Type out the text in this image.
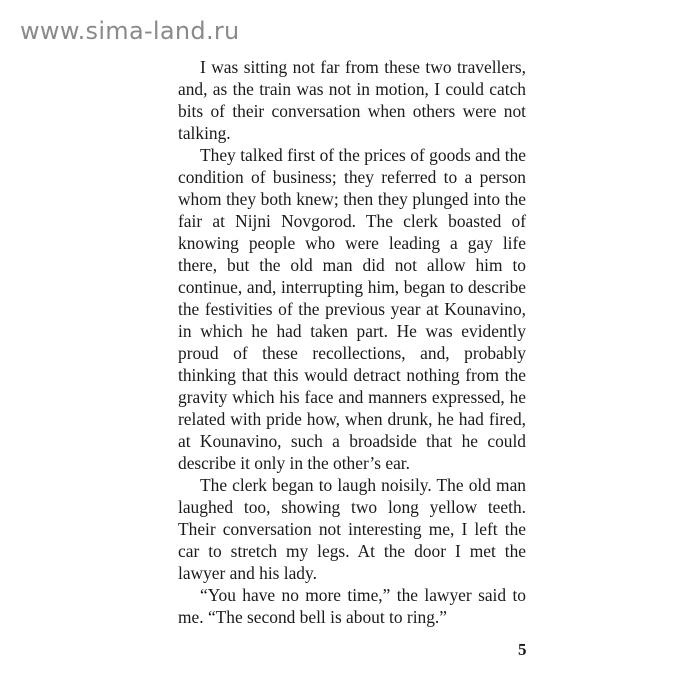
www.sima-land.ru

I was sitting not far from these two travellers, and, as the train was not in motion, I could catch bits of their conversation when others were not talking.

They talked first of the prices of goods and the condition of business; they referred to a person whom they both knew; then they plunged into the fair at Nijni Novgorod. The clerk boasted of knowing people who were leading a gay life there, but the old man did not allow him to continue, and, interrupting him, began to describe the festivities of the previous year at Kounavino, in which he had taken part. He was evidently proud of these recollections, and, probably thinking that this would detract nothing from the gravity which his face and manners expressed, he related with pride how, when drunk, he had fired, at Kounavino, such a broadside that he could describe it only in the other’s ear.

The clerk began to laugh noisily. The old man laughed too, showing two long yellow teeth. Their conversation not interesting me, I left the car to stretch my legs. At the door I met the lawyer and his lady.

“You have no more time,” the lawyer said to me. “The second bell is about to ring.”

5
